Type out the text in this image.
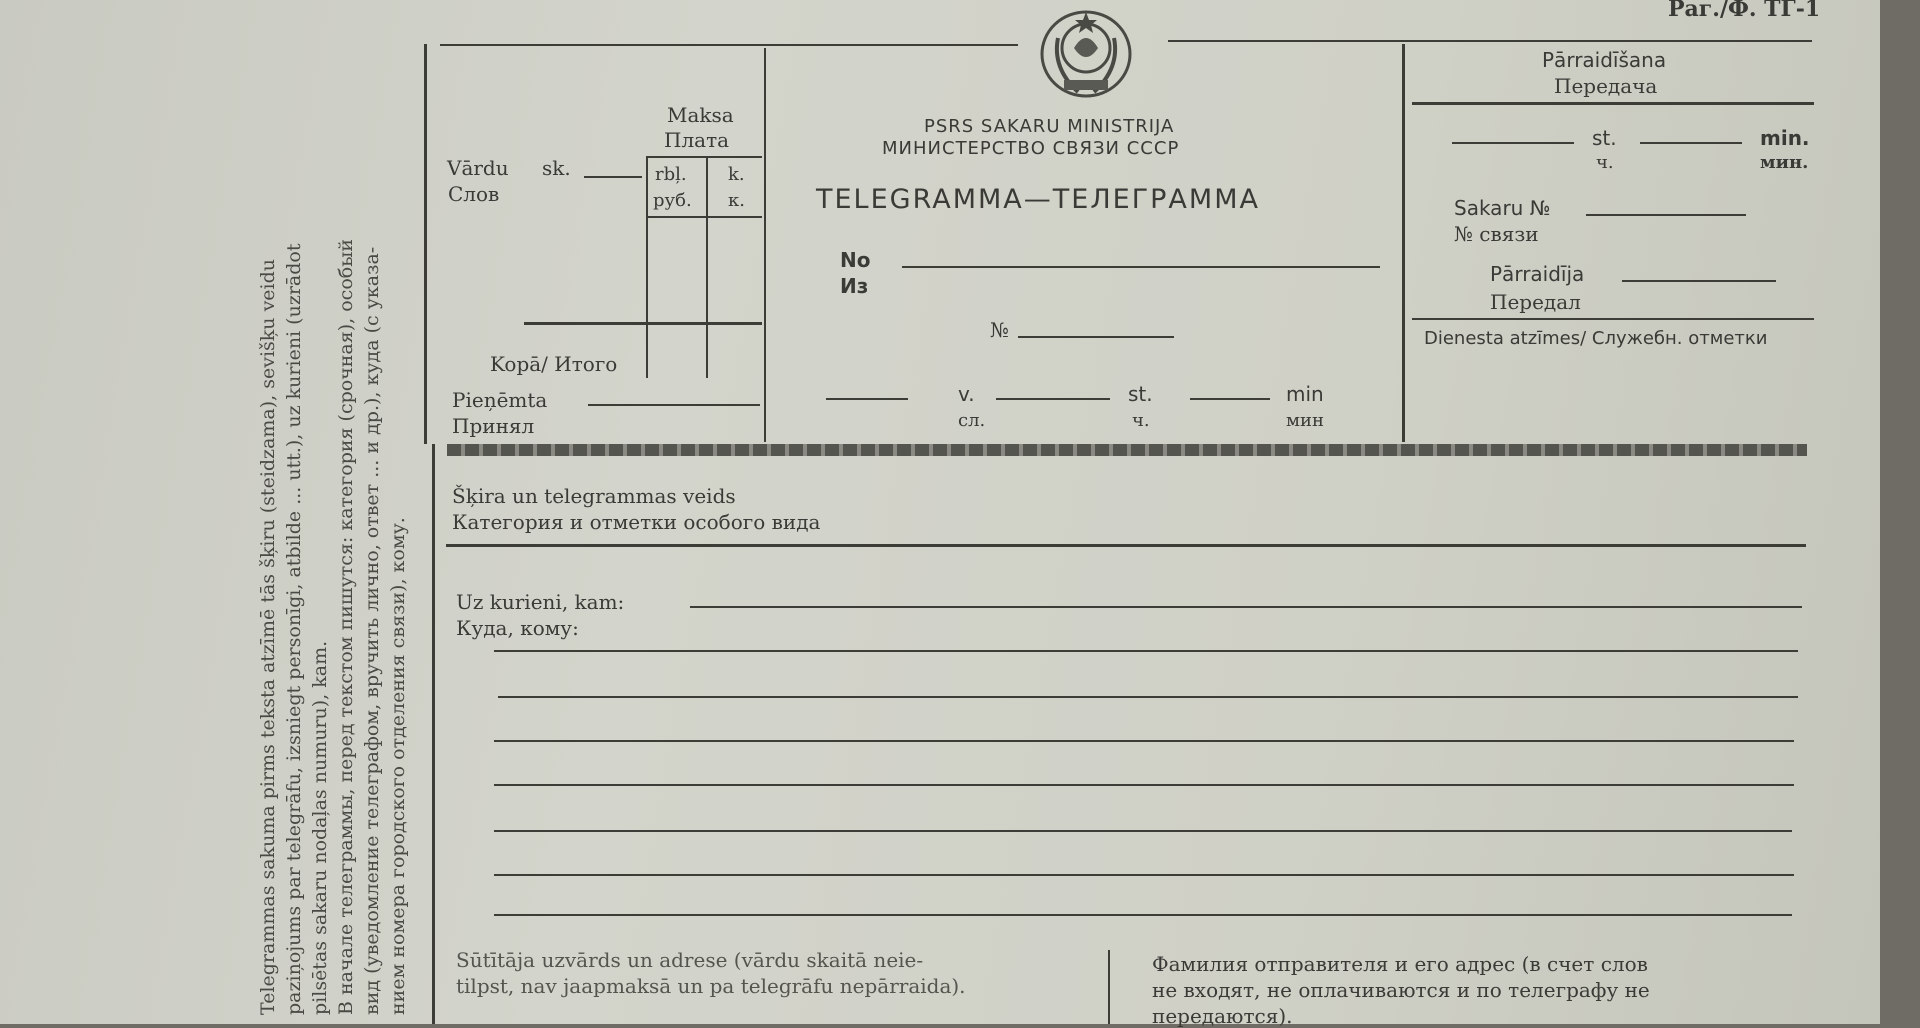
Telegrammas sakuma pirms teksta atzīmē tās šķiru (steidzama), sevišķu veidu paziņojums par telegrāfu, izsniegt personīgi, atbilde ... utt.), uz kurieni (uzrādot pilsētas sakaru nodaļas numuru), kam. В начале телеграммы, перед текстом пишутся: категория (срочная), особый вид (уведомление телеграфом, вручить лично, ответ ... и др.), куда (с указа- нием номера городского отделения связи), кому.
Раг./Ф. ТГ-1
Maksa
Плата
rbļ.
руб.
k.
к.
Vārdu sk.
Слов
Kopā/ Итого
Pieņēmta
Принял
PSRS SAKARU MINISTRIJA
МИНИСТЕРСТВО СВЯЗИ СССР
TELEGRAMMA—ТЕЛЕГРАММА
No
Из
№
v.
сл.
st.
ч.
min
мин
Pārraidīšana
Передача
st.
ч.
min.
мин.
Sakaru №
№ связи
Pārraidīja
Передал
Dienesta atzīmes/ Служебн. отметки
Šķira un telegrammas veids
Категория и отметки особого вида
Uz kurieni, kam:
Куда, кому:
Sūtītāja uzvārds un adrese (vārdu skaitā neie-
tilpst, nav jaapmaksā un pa telegrāfu nepārraida).
Фамилия отправителя и его адрес (в счет слов
не входят, не оплачиваются и по телеграфу не
передаются).
